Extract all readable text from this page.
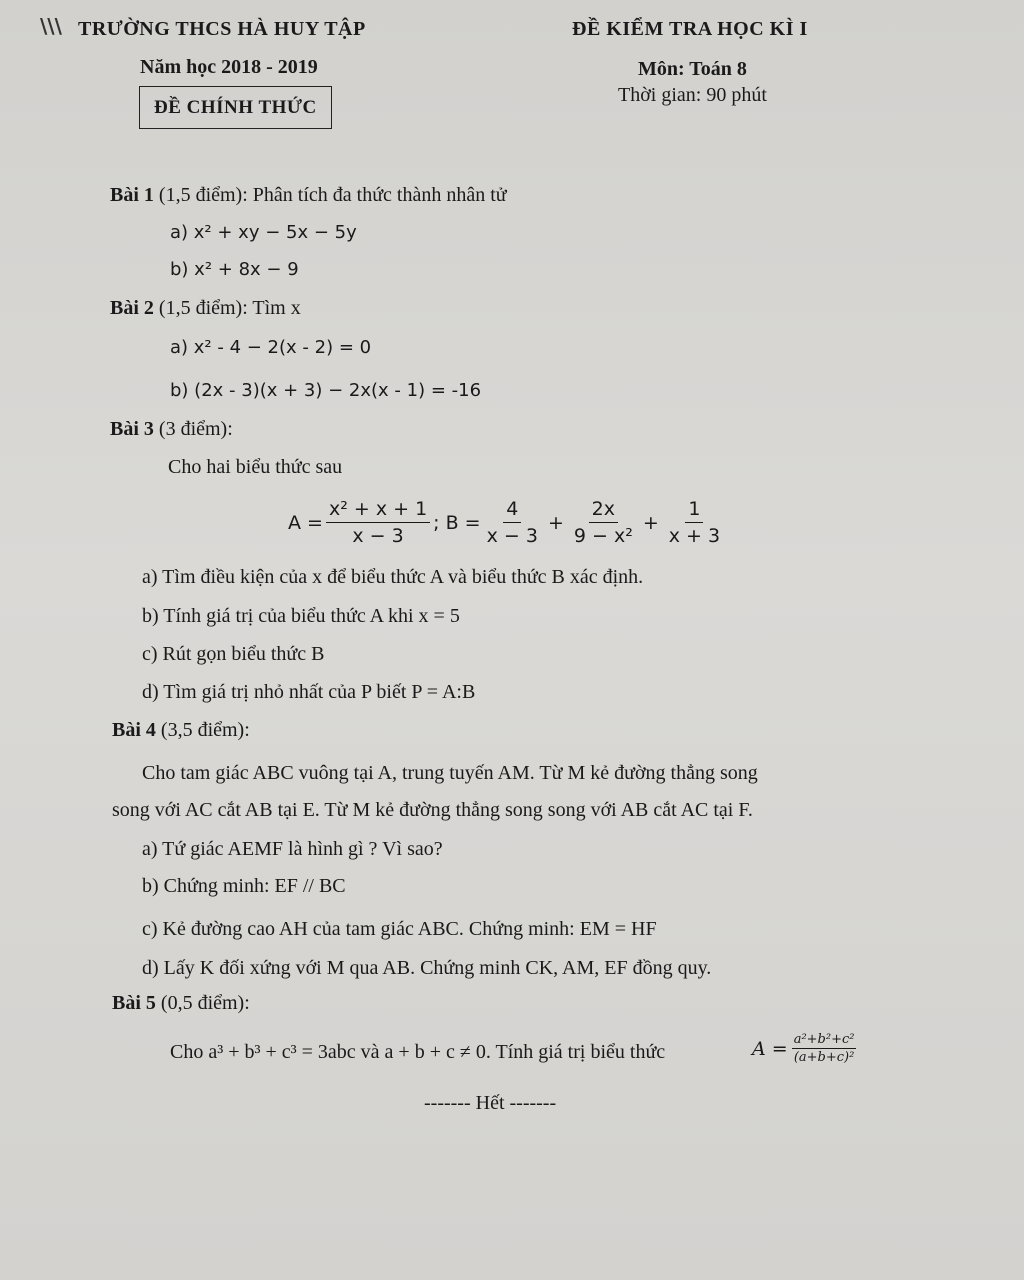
\\\ TRƯỜNG THCS HÀ HUY TẬP
Năm học 2018 - 2019
ĐỀ CHÍNH THỨC
ĐỀ KIỂM TRA HỌC KÌ I
Môn: Toán 8
Thời gian: 90 phút
Bài 1 (1,5 điểm): Phân tích đa thức thành nhân tử
a) x² + xy − 5x − 5y
b) x² + 8x − 9
Bài 2 (1,5 điểm): Tìm x
a) x² - 4 − 2(x - 2) = 0
b) (2x - 3)(x + 3) − 2x(x - 1) = -16
Bài 3 (3 điểm):
Cho hai biểu thức sau
$A = \frac{\text{x² + x + 1}}{x - 3}$ ; $B = \frac{4}{x - 3} + \frac{2x}{\text{9 − x²}} + \frac{1}{x + 3}$
a) Tìm điều kiện của x để biểu thức A và biểu thức B xác định.
b) Tính giá trị của biểu thức A khi x = 5
c) Rút gọn biểu thức B
d) Tìm giá trị nhỏ nhất của P biết P = A:B
Bài 4 (3,5 điểm):
Cho tam giác ABC vuông tại A, trung tuyến AM. Từ M kẻ đường thẳng song
song với AC cắt AB tại E. Từ M kẻ đường thẳng song song với AB cắt AC tại F.
a) Tứ giác AEMF là hình gì ? Vì sao?
b) Chứng minh: EF // BC
c) Kẻ đường cao AH của tam giác ABC. Chứng minh: EM = HF
d) Lấy K đối xứng với M qua AB. Chứng minh CK, AM, EF đồng quy.
Bài 5 (0,5 điểm):
Cho a³ + b³ + c³ = 3abc và a + b + c ≠ 0. Tính giá trị biểu thức	$A = \frac{\text{a²+b²+c²}}{\text{(a+b+c)²}}$
------- Hết -------
